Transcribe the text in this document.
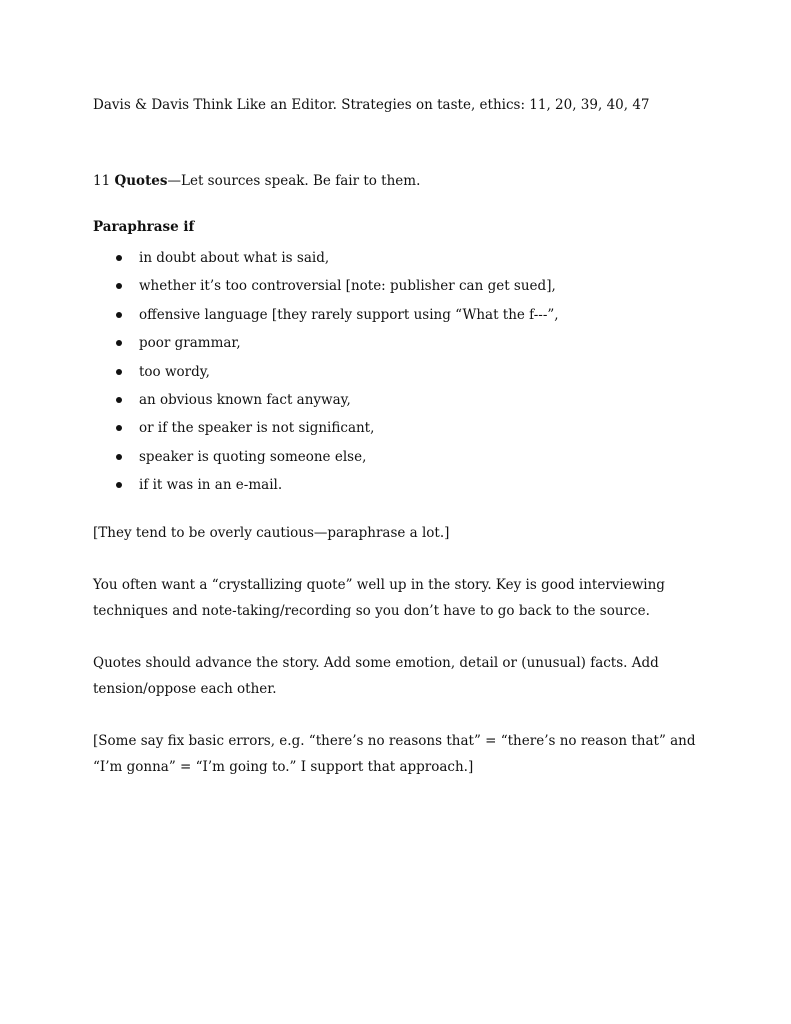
Davis & Davis Think Like an Editor. Strategies on taste, ethics: 11, 20, 39, 40, 47

11 Quotes—Let sources speak. Be fair to them.

Paraphrase if

in doubt about what is said,
whether it’s too controversial [note: publisher can get sued],
offensive language [they rarely support using “What the f---”,
poor grammar,
too wordy,
an obvious known fact anyway,
or if the speaker is not significant,
speaker is quoting someone else,
if it was in an e-mail.

[They tend to be overly cautious—paraphrase a lot.]

You often want a “crystallizing quote” well up in the story. Key is good interviewing techniques and note-taking/recording so you don’t have to go back to the source.

Quotes should advance the story. Add some emotion, detail or (unusual) facts. Add tension/oppose each other.

[Some say fix basic errors, e.g. “there’s no reasons that” = “there’s no reason that” and “I’m gonna” = “I’m going to.” I support that approach.]
